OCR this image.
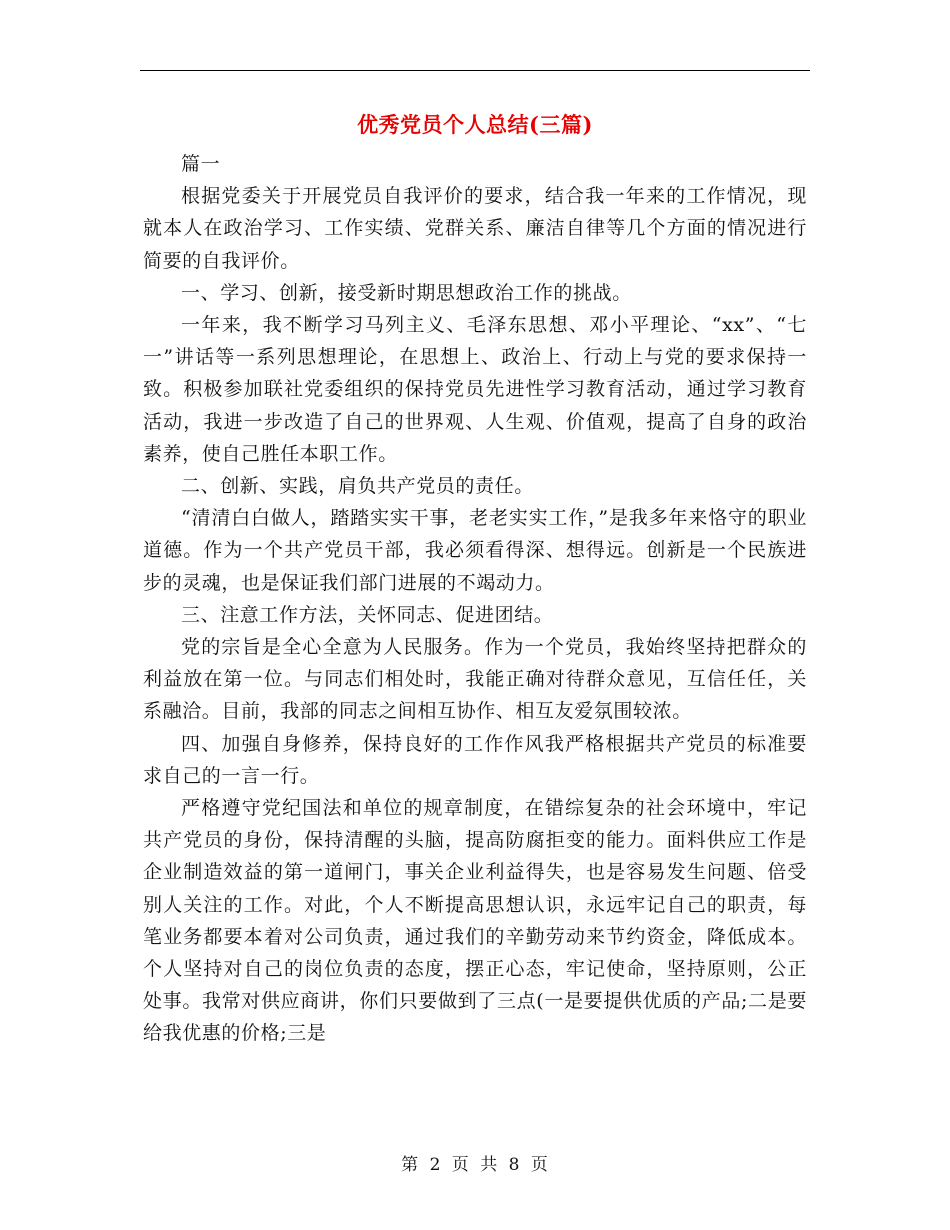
优秀党员个人总结(三篇)

篇一

根据党委关于开展党员自我评价的要求，结合我一年来的工作情况，现就本人在政治学习、工作实绩、党群关系、廉洁自律等几个方面的情况进行简要的自我评价。

一、学习、创新，接受新时期思想政治工作的挑战。

一年来，我不断学习马列主义、毛泽东思想、邓小平理论、“xx”、“七一”讲话等一系列思想理论，在思想上、政治上、行动上与党的要求保持一致。积极参加联社党委组织的保持党员先进性学习教育活动，通过学习教育活动，我进一步改造了自己的世界观、人生观、价值观，提高了自身的政治素养，使自己胜任本职工作。

二、创新、实践，肩负共产党员的责任。

“清清白白做人，踏踏实实干事，老老实实工作，”是我多年来恪守的职业道德。作为一个共产党员干部，我必须看得深、想得远。创新是一个民族进步的灵魂，也是保证我们部门进展的不竭动力。

三、注意工作方法，关怀同志、促进团结。

党的宗旨是全心全意为人民服务。作为一个党员，我始终坚持把群众的利益放在第一位。与同志们相处时，我能正确对待群众意见，互信任任，关系融洽。目前，我部的同志之间相互协作、相互友爱氛围较浓。

四、加强自身修养，保持良好的工作作风我严格根据共产党员的标准要求自己的一言一行。

严格遵守党纪国法和单位的规章制度，在错综复杂的社会环境中，牢记共产党员的身份，保持清醒的头脑，提高防腐拒变的能力。面料供应工作是企业制造效益的第一道闸门，事关企业利益得失，也是容易发生问题、倍受别人关注的工作。对此，个人不断提高思想认识，永远牢记自己的职责，每笔业务都要本着对公司负责，通过我们的辛勤劳动来节约资金，降低成本。个人坚持对自己的岗位负责的态度，摆正心态，牢记使命，坚持原则，公正处事。我常对供应商讲，你们只要做到了三点(一是要提供优质的产品;二是要给我优惠的价格;三是

第 2 页 共 8 页
